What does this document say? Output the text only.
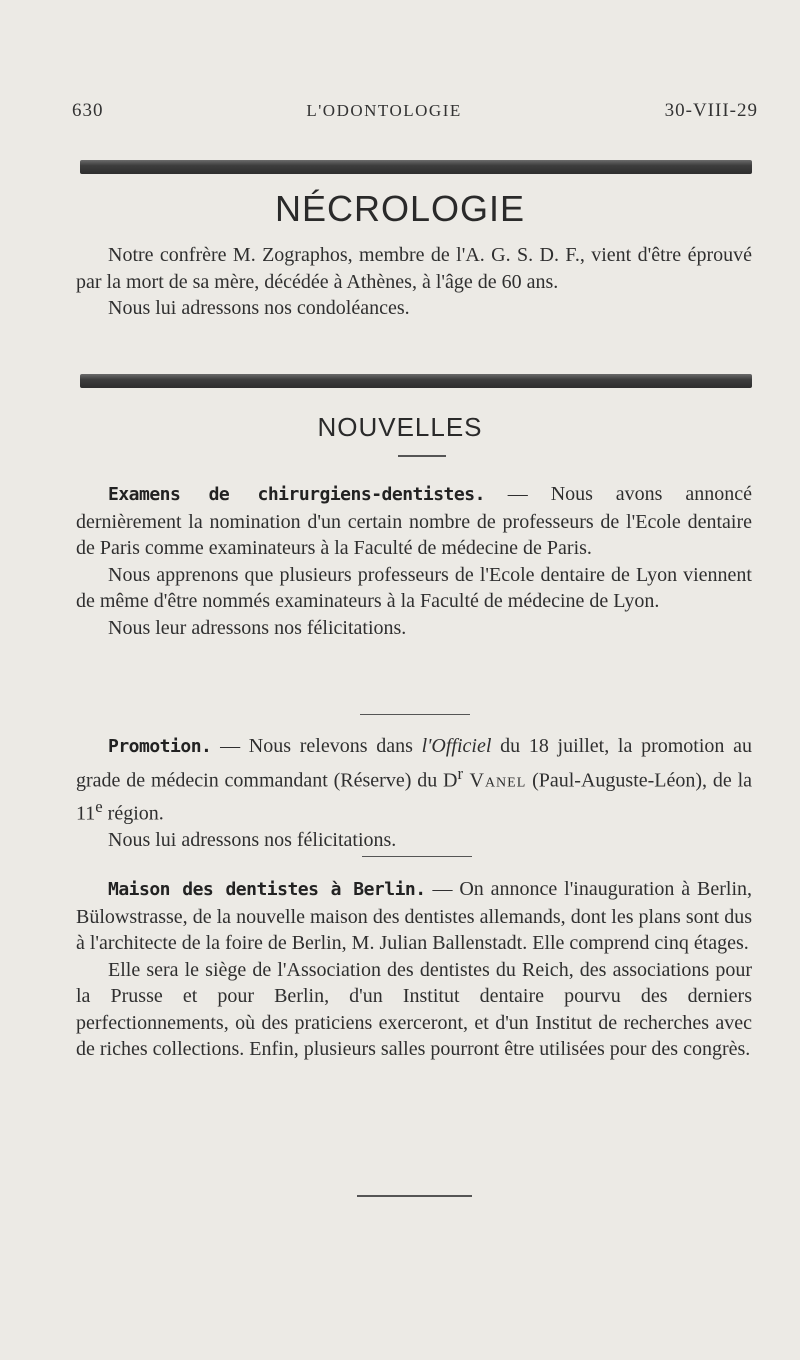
630	L'ODONTOLOGIE	30-VIII-29
NÉCROLOGIE

Notre confrère M. Zographos, membre de l'A. G. S. D. F., vient d'être éprouvé par la mort de sa mère, décédée à Athènes, à l'âge de 60 ans.

Nous lui adressons nos condoléances.

NOUVELLES

Examens de chirurgiens-dentistes. — Nous avons annoncé dernièrement la nomination d'un certain nombre de professeurs de l'Ecole dentaire de Paris comme examinateurs à la Faculté de médecine de Paris.

Nous apprenons que plusieurs professeurs de l'Ecole dentaire de Lyon viennent de même d'être nommés examinateurs à la Faculté de médecine de Lyon.

Nous leur adressons nos félicitations.

Promotion. — Nous relevons dans l'Officiel du 18 juillet, la promotion au grade de médecin commandant (Réserve) du $D^r$ Vanel (Paul-Auguste-Léon), de la 11e région.

Nous lui adressons nos félicitations.

Maison des dentistes à Berlin. — On annonce l'inauguration à Berlin, Bülowstrasse, de la nouvelle maison des dentistes allemands, dont les plans sont dus à l'architecte de la foire de Berlin, M. Julian Ballenstadt. Elle comprend cinq étages.

Elle sera le siège de l'Association des dentistes du Reich, des associations pour la Prusse et pour Berlin, d'un Institut dentaire pourvu des derniers perfectionnements, où des praticiens exerceront, et d'un Institut de recherches avec de riches collections. Enfin, plusieurs salles pourront être utilisées pour des congrès.
